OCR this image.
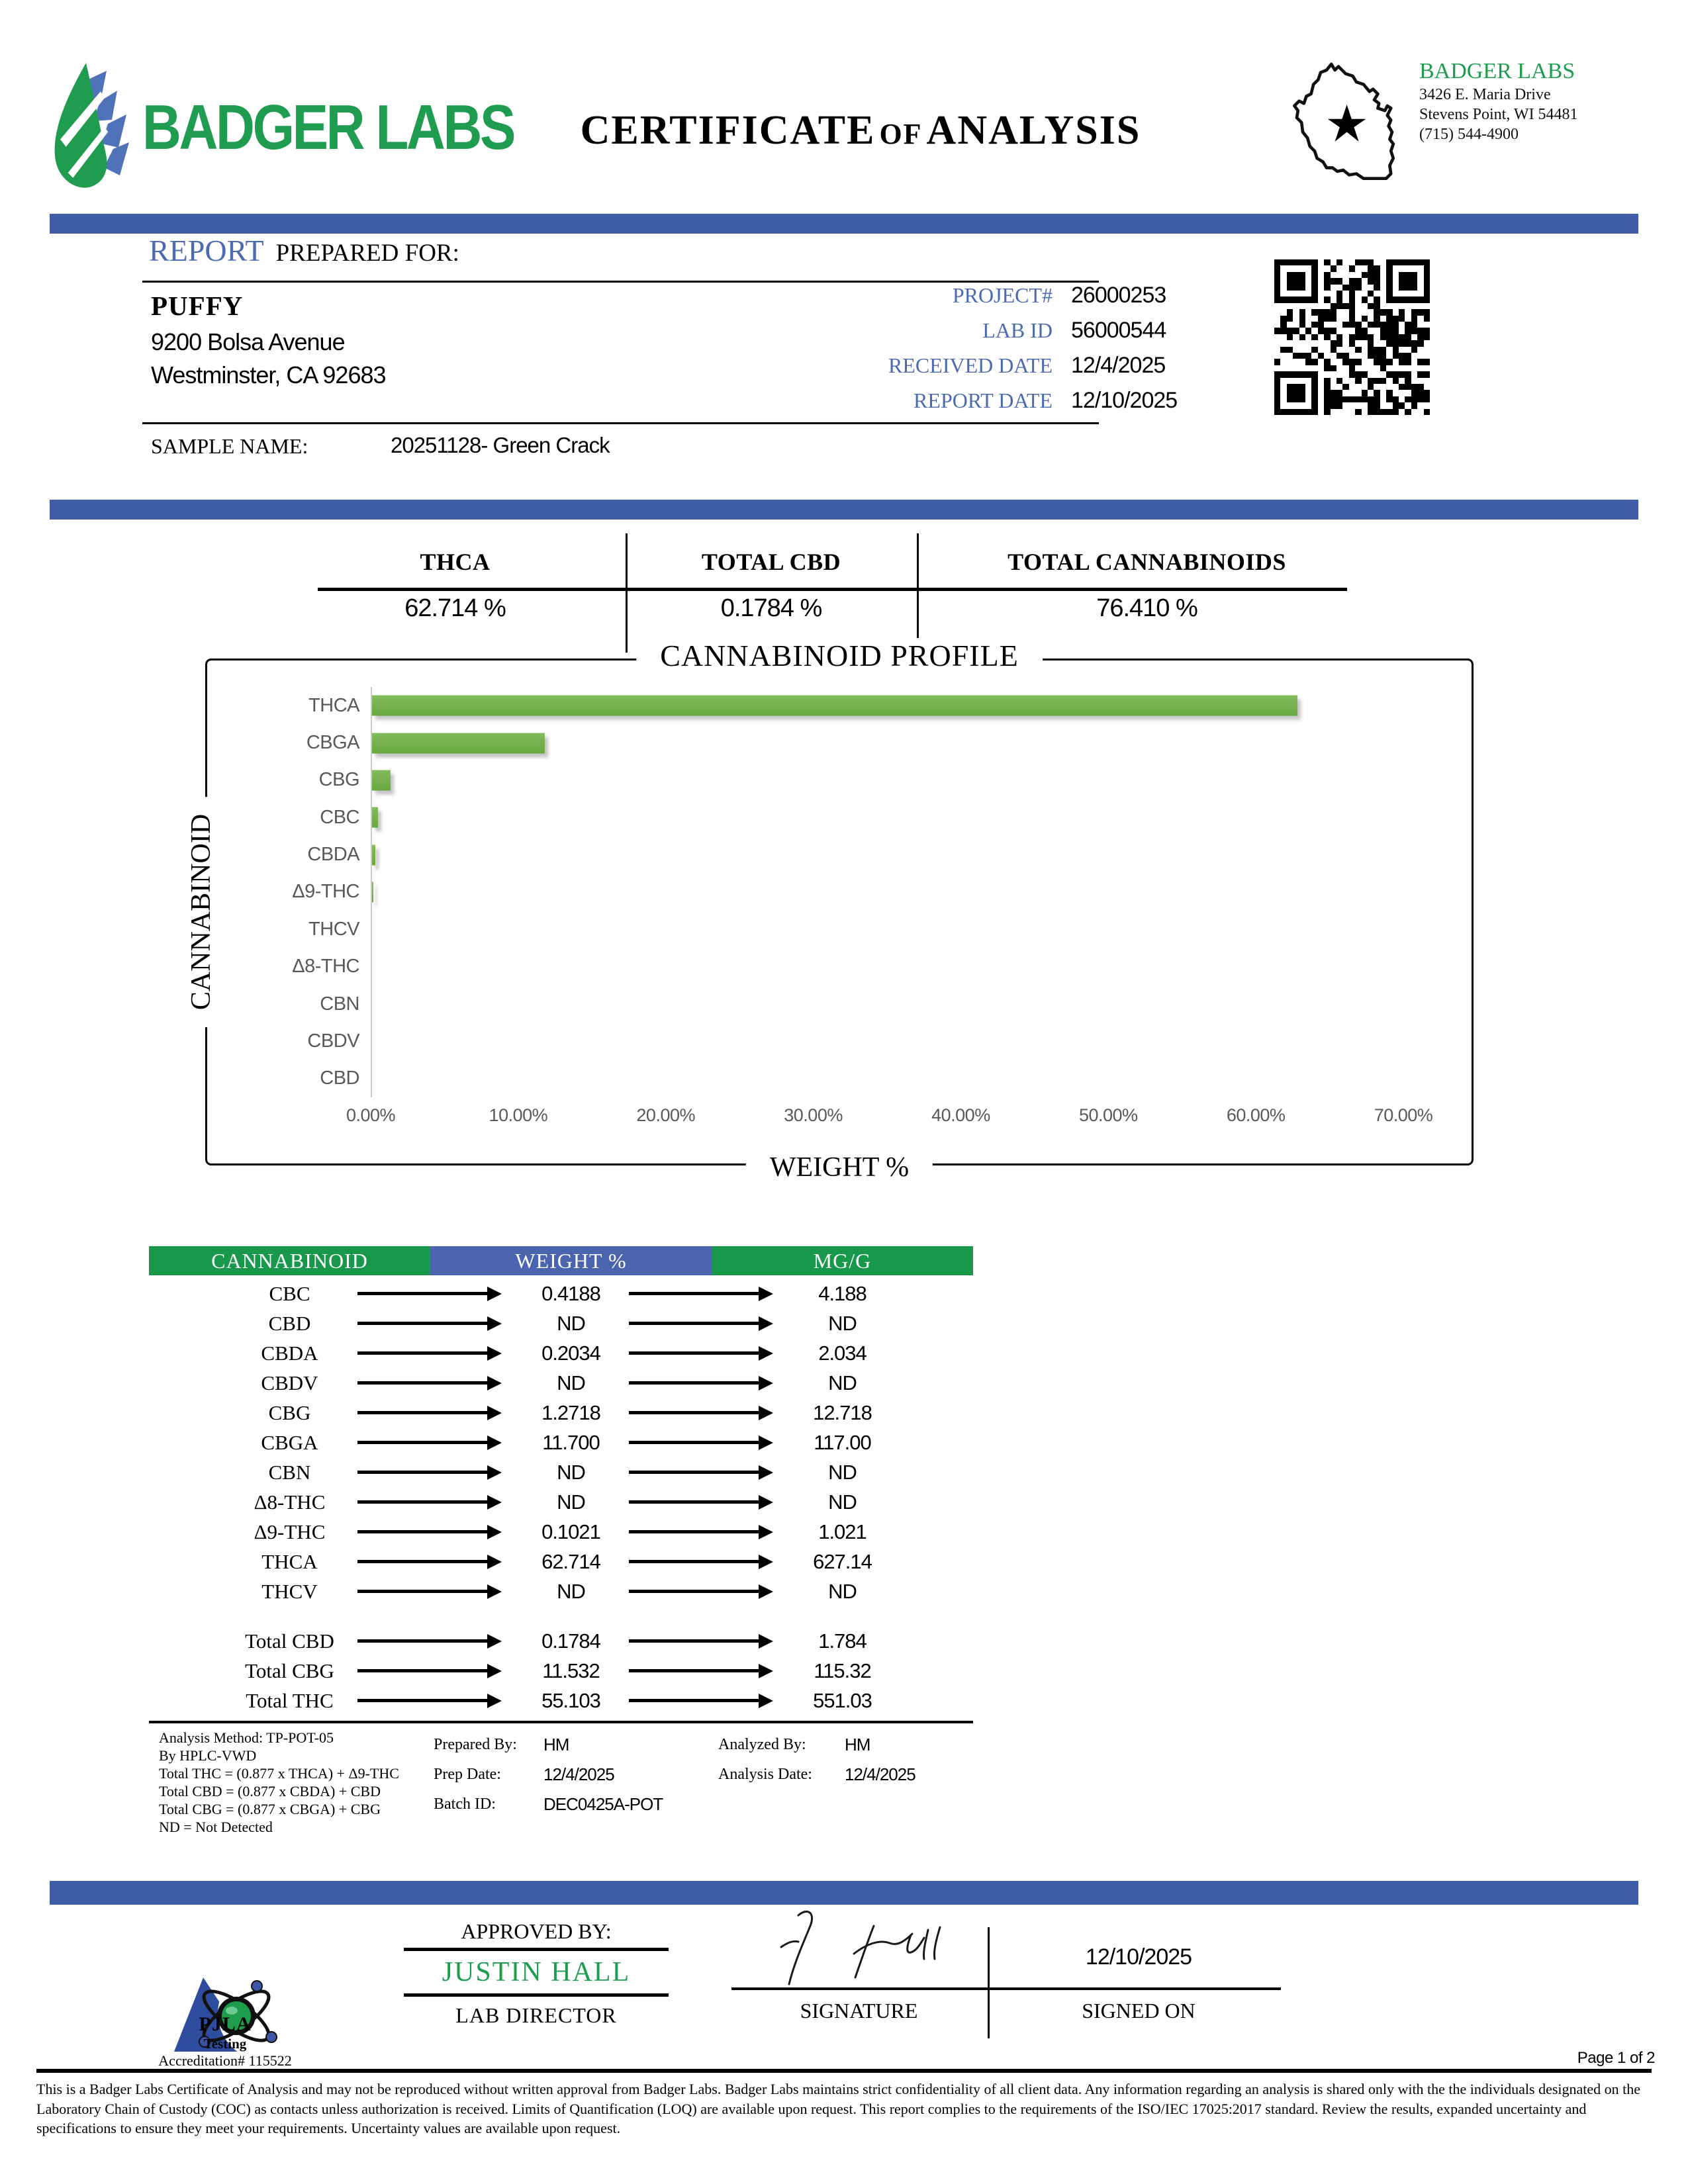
BADGER LABS	CERTIFICATE OF ANALYSIS
BADGER LABS
3426 E. Maria Drive
Stevens Point, WI 54481
(715) 544-4900
REPORT PREPARED FOR:
PUFFY
9200 Bolsa Avenue
Westminster, CA 92683
PROJECT# 26000253
LAB ID 56000544
RECEIVED DATE 12/4/2025
REPORT DATE 12/10/2025
SAMPLE NAME:	20251128- Green Crack
THCA
62.714 %
TOTAL CBD
0.1784 %
TOTAL CANNABINOIDS
76.410 %
CANNABINOID PROFILE
CANNABINOID
WEIGHT %
THCA
CBGA
CBG
CBC
CBDA
Δ9-THC
THCV
Δ8-THC
CBN
CBDV
CBD
0.00%	10.00%	20.00%	30.00%	40.00%	50.00%	60.00%	70.00%
CANNABINOID	WEIGHT %	MG/G
CBC	0.4188	4.188
CBD	ND	ND
CBDA	0.2034	2.034
CBDV	ND	ND
CBG	1.2718	12.718
CBGA	11.700	117.00
CBN	ND	ND
Δ8-THC	ND	ND
Δ9-THC	0.1021	1.021
THCA	62.714	627.14
THCV	ND	ND
Total CBD	0.1784	1.784
Total CBG	11.532	115.32
Total THC	55.103	551.03
Analysis Method: TP-POT-05
By HPLC-VWD
Total THC = (0.877 x THCA) + Δ9-THC
Total CBD = (0.877 x CBDA) + CBD
Total CBG = (0.877 x CBGA) + CBG
ND = Not Detected
Prepared By:	HM
Prep Date:	12/4/2025
Batch ID:	DEC0425A-POT
Analyzed By:	HM
Analysis Date:	12/4/2025
PJLA
Testing
Accreditation# 115522
APPROVED BY:
JUSTIN HALL
LAB DIRECTOR
12/10/2025
SIGNATURE	SIGNED ON
Page 1 of 2
This is a Badger Labs Certificate of Analysis and may not be reproduced without written approval from Badger Labs. Badger Labs maintains strict confidentiality of all client data. Any information regarding an analysis is shared only with the the individuals designated on the Laboratory Chain of Custody (COC) as contacts unless authorization is received. Limits of Quantification (LOQ) are available upon request. This report complies to the requirements of the ISO/IEC 17025:2017 standard. Review the results, expanded uncertainty and specifications to ensure they meet your requirements. Uncertainty values are available upon request.
